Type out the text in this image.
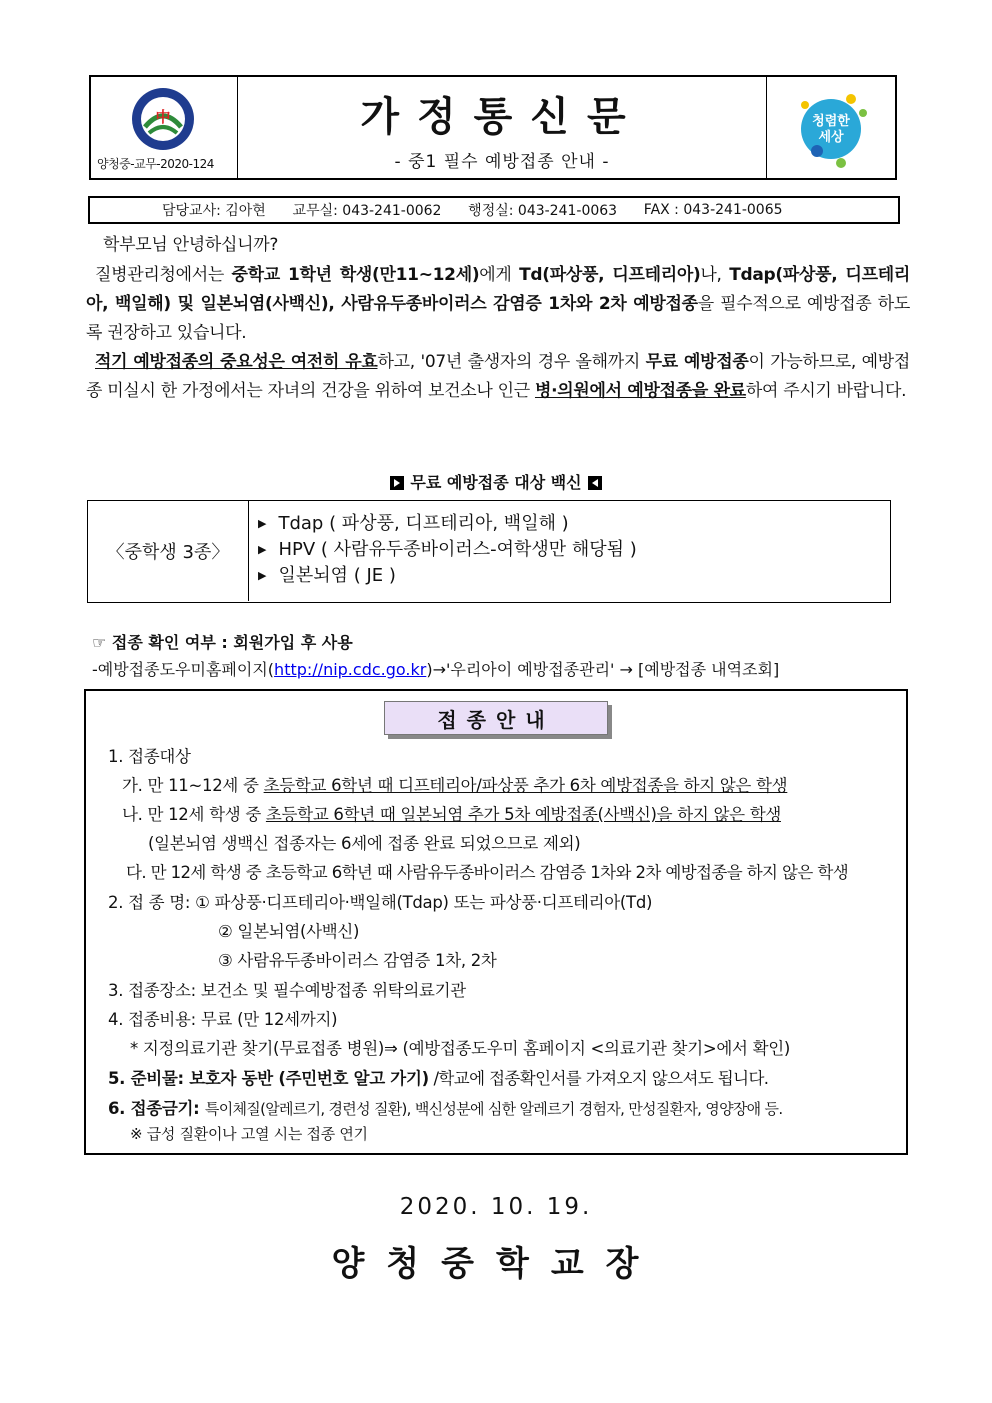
中
양청중-교무-2020-124
가정통신문
- 중1 필수 예방접종 안내 -
청렴한
세상
담당교사: 김아현
교무실: 043-241-0062
행정실: 043-241-0063
FAX : 043-241-0065
학부모님 안녕하십니까?
질병관리청에서는 중학교 1학년 학생(만11~12세)에게 Td(파상풍, 디프테리아)나, Tdap(파상풍, 디프테리아, 백일해) 및 일본뇌염(사백신), 사람유두종바이러스 감염증 1차와 2차 예방접종을 필수적으로 예방접종 하도록 권장하고 있습니다.
적기 예방접종의 중요성은 여전히 유효하고, '07년 출생자의 경우 올해까지 무료 예방접종이 가능하므로, 예방접종 미실시 한 가정에서는 자녀의 건강을 위하여 보건소나 인근 병·의원에서 예방접종을 완료하여 주시기 바랍니다.
무료 예방접종 대상 백신
〈중학생 3종〉
▶ Tdap ( 파상풍, 디프테리아, 백일해 )
▶ HPV ( 사람유두종바이러스-여학생만 해당됨 )
▶ 일본뇌염 ( JE )
☞ 접종 확인 여부 : 회원가입 후 사용
-예방접종도우미홈페이지(http://nip.cdc.go.kr)→'우리아이 예방접종관리' → [예방접종 내역조회]
접종안내
1. 접종대상
가. 만 11~12세 중 초등학교 6학년 때 디프테리아/파상풍 추가 6차 예방접종을 하지 않은 학생
나. 만 12세 학생 중 초등학교 6학년 때 일본뇌염 추가 5차 예방접종(사백신)을 하지 않은 학생
(일본뇌염 생백신 접종자는 6세에 접종 완료 되었으므로 제외)
다. 만 12세 학생 중 초등학교 6학년 때 사람유두종바이러스 감염증 1차와 2차 예방접종을 하지 않은 학생
2. 접 종 명: ① 파상풍·디프테리아·백일해(Tdap) 또는 파상풍·디프테리아(Td)
② 일본뇌염(사백신)
③ 사람유두종바이러스 감염증 1차, 2차
3. 접종장소: 보건소 및 필수예방접종 위탁의료기관
4. 접종비용: 무료 (만 12세까지)
* 지정의료기관 찾기(무료접종 병원)⇒ (예방접종도우미 홈페이지 <의료기관 찾기>에서 확인)
5. 준비물: 보호자 동반 (주민번호 알고 가기) /학교에 접종확인서를 가져오지 않으셔도 됩니다.
6. 접종금기: 특이체질(알레르기, 경련성 질환), 백신성분에 심한 알레르기 경험자, 만성질환자, 영양장애 등.
※ 급성 질환이나 고열 시는 접종 연기
2020. 10. 19.
양청중학교장
